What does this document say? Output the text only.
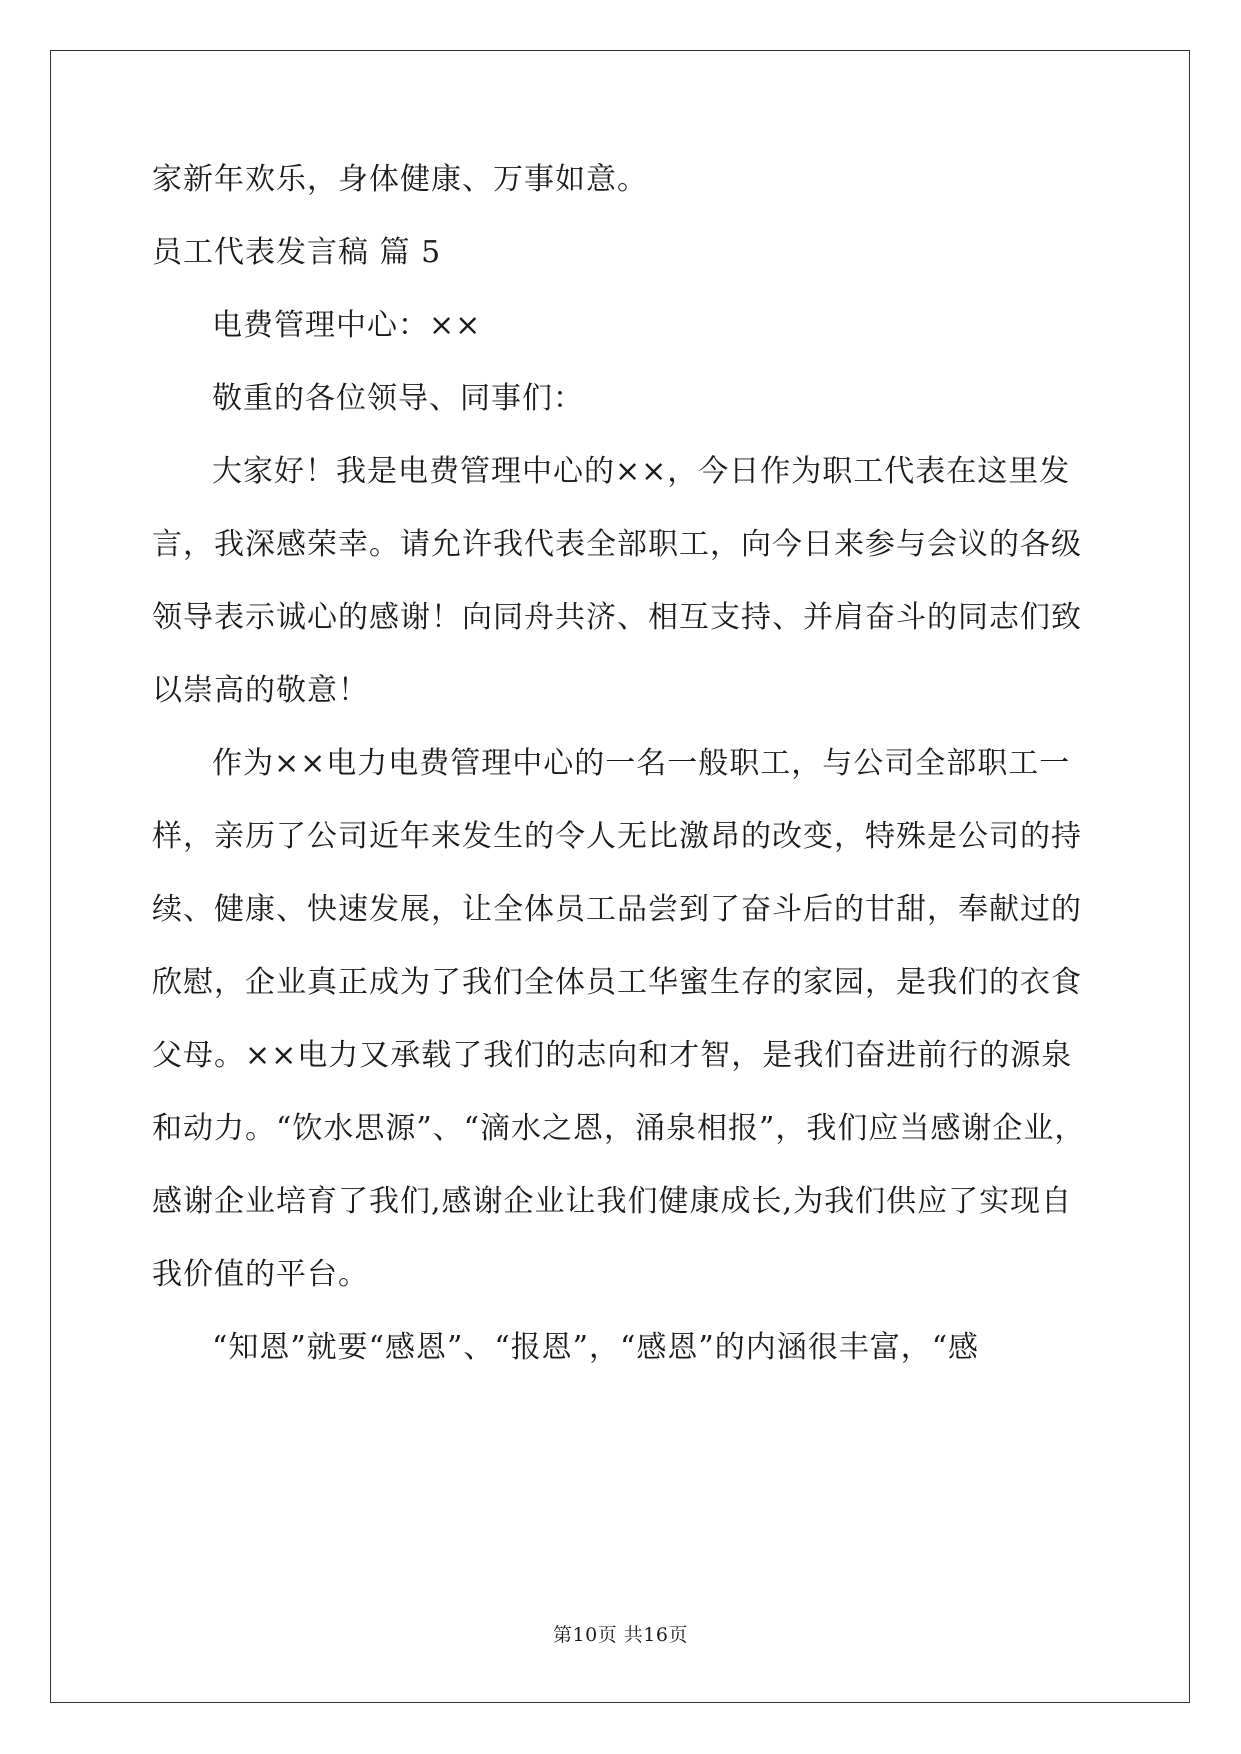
家新年欢乐，身体健康、万事如意。
员工代表发言稿 篇 5
电费管理中心：××
敬重的各位领导、同事们：
大家好！我是电费管理中心的××，今日作为职工代表在这里发
言，我深感荣幸。请允许我代表全部职工，向今日来参与会议的各级
领导表示诚心的感谢！向同舟共济、相互支持、并肩奋斗的同志们致
以崇高的敬意！
作为××电力电费管理中心的一名一般职工，与公司全部职工一
样，亲历了公司近年来发生的令人无比激昂的改变，特殊是公司的持
续、健康、快速发展，让全体员工品尝到了奋斗后的甘甜，奉献过的
欣慰，企业真正成为了我们全体员工华蜜生存的家园，是我们的衣食
父母。××电力又承载了我们的志向和才智，是我们奋进前行的源泉
和动力。“饮水思源”、“滴水之恩，涌泉相报”，我们应当感谢企业，
感谢企业培育了我们,感谢企业让我们健康成长,为我们供应了实现自
我价值的平台。
“知恩”就要“感恩”、“报恩”，“感恩”的内涵很丰富，“感
第10页 共16页
